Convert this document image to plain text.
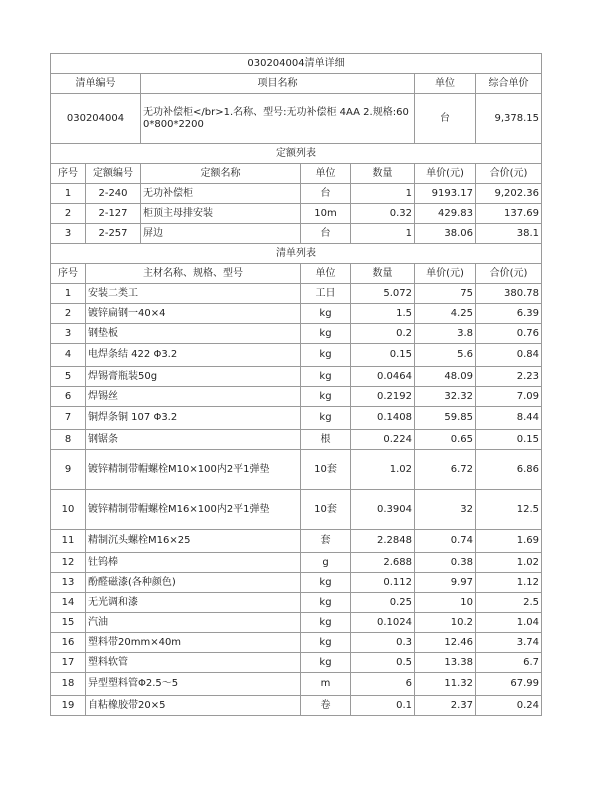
030204004清单详细						
清单编号		项目名称			单位	综合单价
030204004		无功补偿柜</br>1.名称、型号:无功补偿柜 4AA 2.规格:600*800*2200			台	9,378.15
定额列表						
序号	定额编号	定额名称	单位	数量	单价(元)	合价(元)
1	2-240	无功补偿柜	台	1	9193.17	9,202.36
2	2-127	柜顶主母排安装	10m	0.32	429.83	137.69
3	2-257	屏边	台	1	38.06	38.1
清单列表						
序号	主材名称、规格、型号		单位	数量	单价(元)	合价(元)
1	安装二类工		工日	5.072	75	380.78
2	镀锌扁钢一40×4		kg	1.5	4.25	6.39
3	钢垫板		kg	0.2	3.8	0.76
4	电焊条结 422 Φ3.2		kg	0.15	5.6	0.84
5	焊锡膏瓶装50g		kg	0.0464	48.09	2.23
6	焊锡丝		kg	0.2192	32.32	7.09
7	铜焊条铜 107 Φ3.2		kg	0.1408	59.85	8.44
8	钢锯条		根	0.224	0.65	0.15
9	镀锌精制带帽螺栓M10×100内2平1弹垫		10套	1.02	6.72	6.86
10	镀锌精制带帽螺栓M16×100内2平1弹垫		10套	0.3904	32	12.5
11	精制沉头螺栓M16×25		套	2.2848	0.74	1.69
12	钍钨棒		g	2.688	0.38	1.02
13	酚醛磁漆(各种颜色)		kg	0.112	9.97	1.12
14	无光调和漆		kg	0.25	10	2.5
15	汽油		kg	0.1024	10.2	1.04
16	塑料带20mm×40m		kg	0.3	12.46	3.74
17	塑料软管		kg	0.5	13.38	6.7
18	异型塑料管Φ2.5～5		m	6	11.32	67.99
19	自粘橡胶带20×5		卷	0.1	2.37	0.24
